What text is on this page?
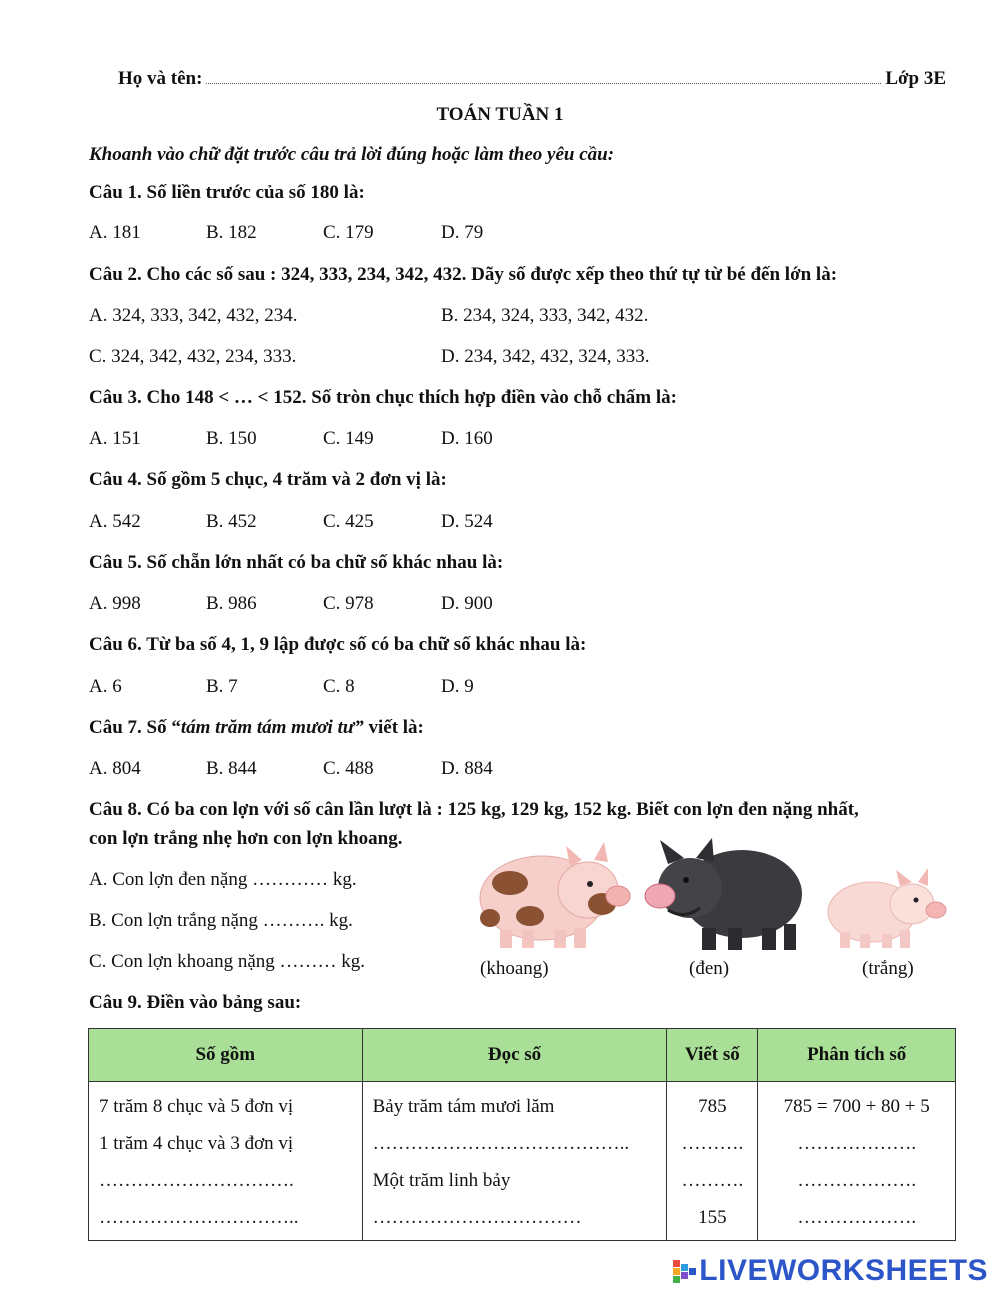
Họ và tên:	Lớp 3E
TOÁN TUẦN 1
Khoanh vào chữ đặt trước câu trả lời đúng hoặc làm theo yêu cầu:
Câu 1. Số liền trước của số 180 là:
A. 181	B. 182	C. 179	D. 79
Câu 2. Cho các số sau : 324, 333, 234, 342, 432. Dãy số được xếp theo thứ tự từ bé đến lớn là:
A. 324, 333, 342, 432, 234.	B. 234, 324, 333, 342, 432.
C. 324, 342, 432, 234, 333.	D. 234, 342, 432, 324, 333.
Câu 3. Cho 148 < … < 152. Số tròn chục thích hợp điền vào chỗ chấm là:
A. 151	B. 150	C. 149	D. 160
Câu 4. Số gồm 5 chục, 4 trăm và 2 đơn vị là:
A. 542	B. 452	C. 425	D. 524
Câu 5. Số chẵn lớn nhất có ba chữ số khác nhau là:
A. 998	B. 986	C. 978	D. 900
Câu 6. Từ ba số 4, 1, 9 lập được số có ba chữ số khác nhau là:
A. 6	B. 7	C. 8	D. 9
Câu 7. Số “tám trăm tám mươi tư” viết là:
A. 804	B. 844	C. 488	D. 884
Câu 8. Có ba con lợn với số cân lần lượt là : 125 kg, 129 kg, 152 kg. Biết con lợn đen nặng nhất,
con lợn trắng nhẹ hơn con lợn khoang.
A. Con lợn đen nặng ………… kg.
B. Con lợn trắng nặng ………. kg.
C. Con lợn khoang nặng ……… kg.	(khoang)	(đen)	(trắng)
Câu 9. Điền vào bảng sau:
Số gồm	Đọc số	Viết số	Phân tích số
7 trăm 8 chục và 5 đơn vị	Bảy trăm tám mươi lăm	785	785 = 700 + 80 + 5
1 trăm 4 chục và 3 đơn vị	…………………………………..	……….	……………….
………………………….	Một trăm linh bảy	……….	……………….
…………………………..	……………………………	155	……………….
LIVEWORKSHEETS
